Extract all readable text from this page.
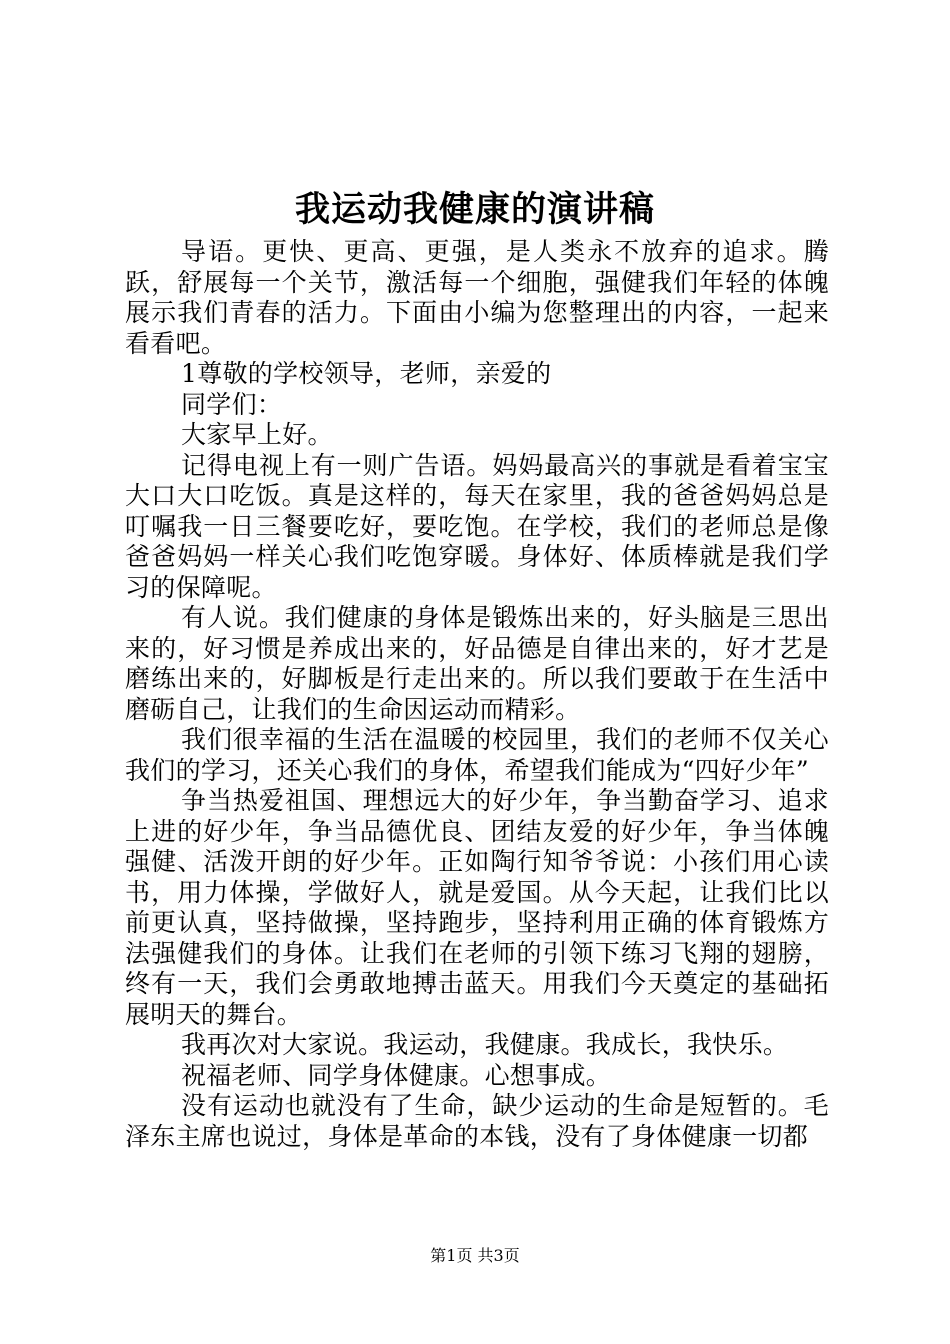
我运动我健康的演讲稿

导语。更快、更高、更强，是人类永不放弃的追求。腾跃，舒展每一个关节，激活每一个细胞，强健我们年轻的体魄展示我们青春的活力。下面由小编为您整理出的内容，一起来看看吧。

1尊敬的学校领导，老师，亲爱的

同学们：

大家早上好。

记得电视上有一则广告语。妈妈最高兴的事就是看着宝宝大口大口吃饭。真是这样的，每天在家里，我的爸爸妈妈总是叮嘱我一日三餐要吃好，要吃饱。在学校，我们的老师总是像爸爸妈妈一样关心我们吃饱穿暖。身体好、体质棒就是我们学习的保障呢。

有人说。我们健康的身体是锻炼出来的，好头脑是三思出来的，好习惯是养成出来的，好品德是自律出来的，好才艺是磨练出来的，好脚板是行走出来的。所以我们要敢于在生活中磨砺自己，让我们的生命因运动而精彩。

我们很幸福的生活在温暖的校园里，我们的老师不仅关心我们的学习，还关心我们的身体，希望我们能成为“四好少年”

争当热爱祖国、理想远大的好少年，争当勤奋学习、追求上进的好少年，争当品德优良、团结友爱的好少年，争当体魄强健、活泼开朗的好少年。正如陶行知爷爷说：小孩们用心读书，用力体操，学做好人，就是爱国。从今天起，让我们比以前更认真，坚持做操，坚持跑步，坚持利用正确的体育锻炼方法强健我们的身体。让我们在老师的引领下练习飞翔的翅膀，终有一天，我们会勇敢地搏击蓝天。用我们今天奠定的基础拓展明天的舞台。

我再次对大家说。我运动，我健康。我成长，我快乐。

祝福老师、同学身体健康。心想事成。

没有运动也就没有了生命，缺少运动的生命是短暂的。毛泽东主席也说过，身体是革命的本钱，没有了身体健康一切都

第1页 共3页
